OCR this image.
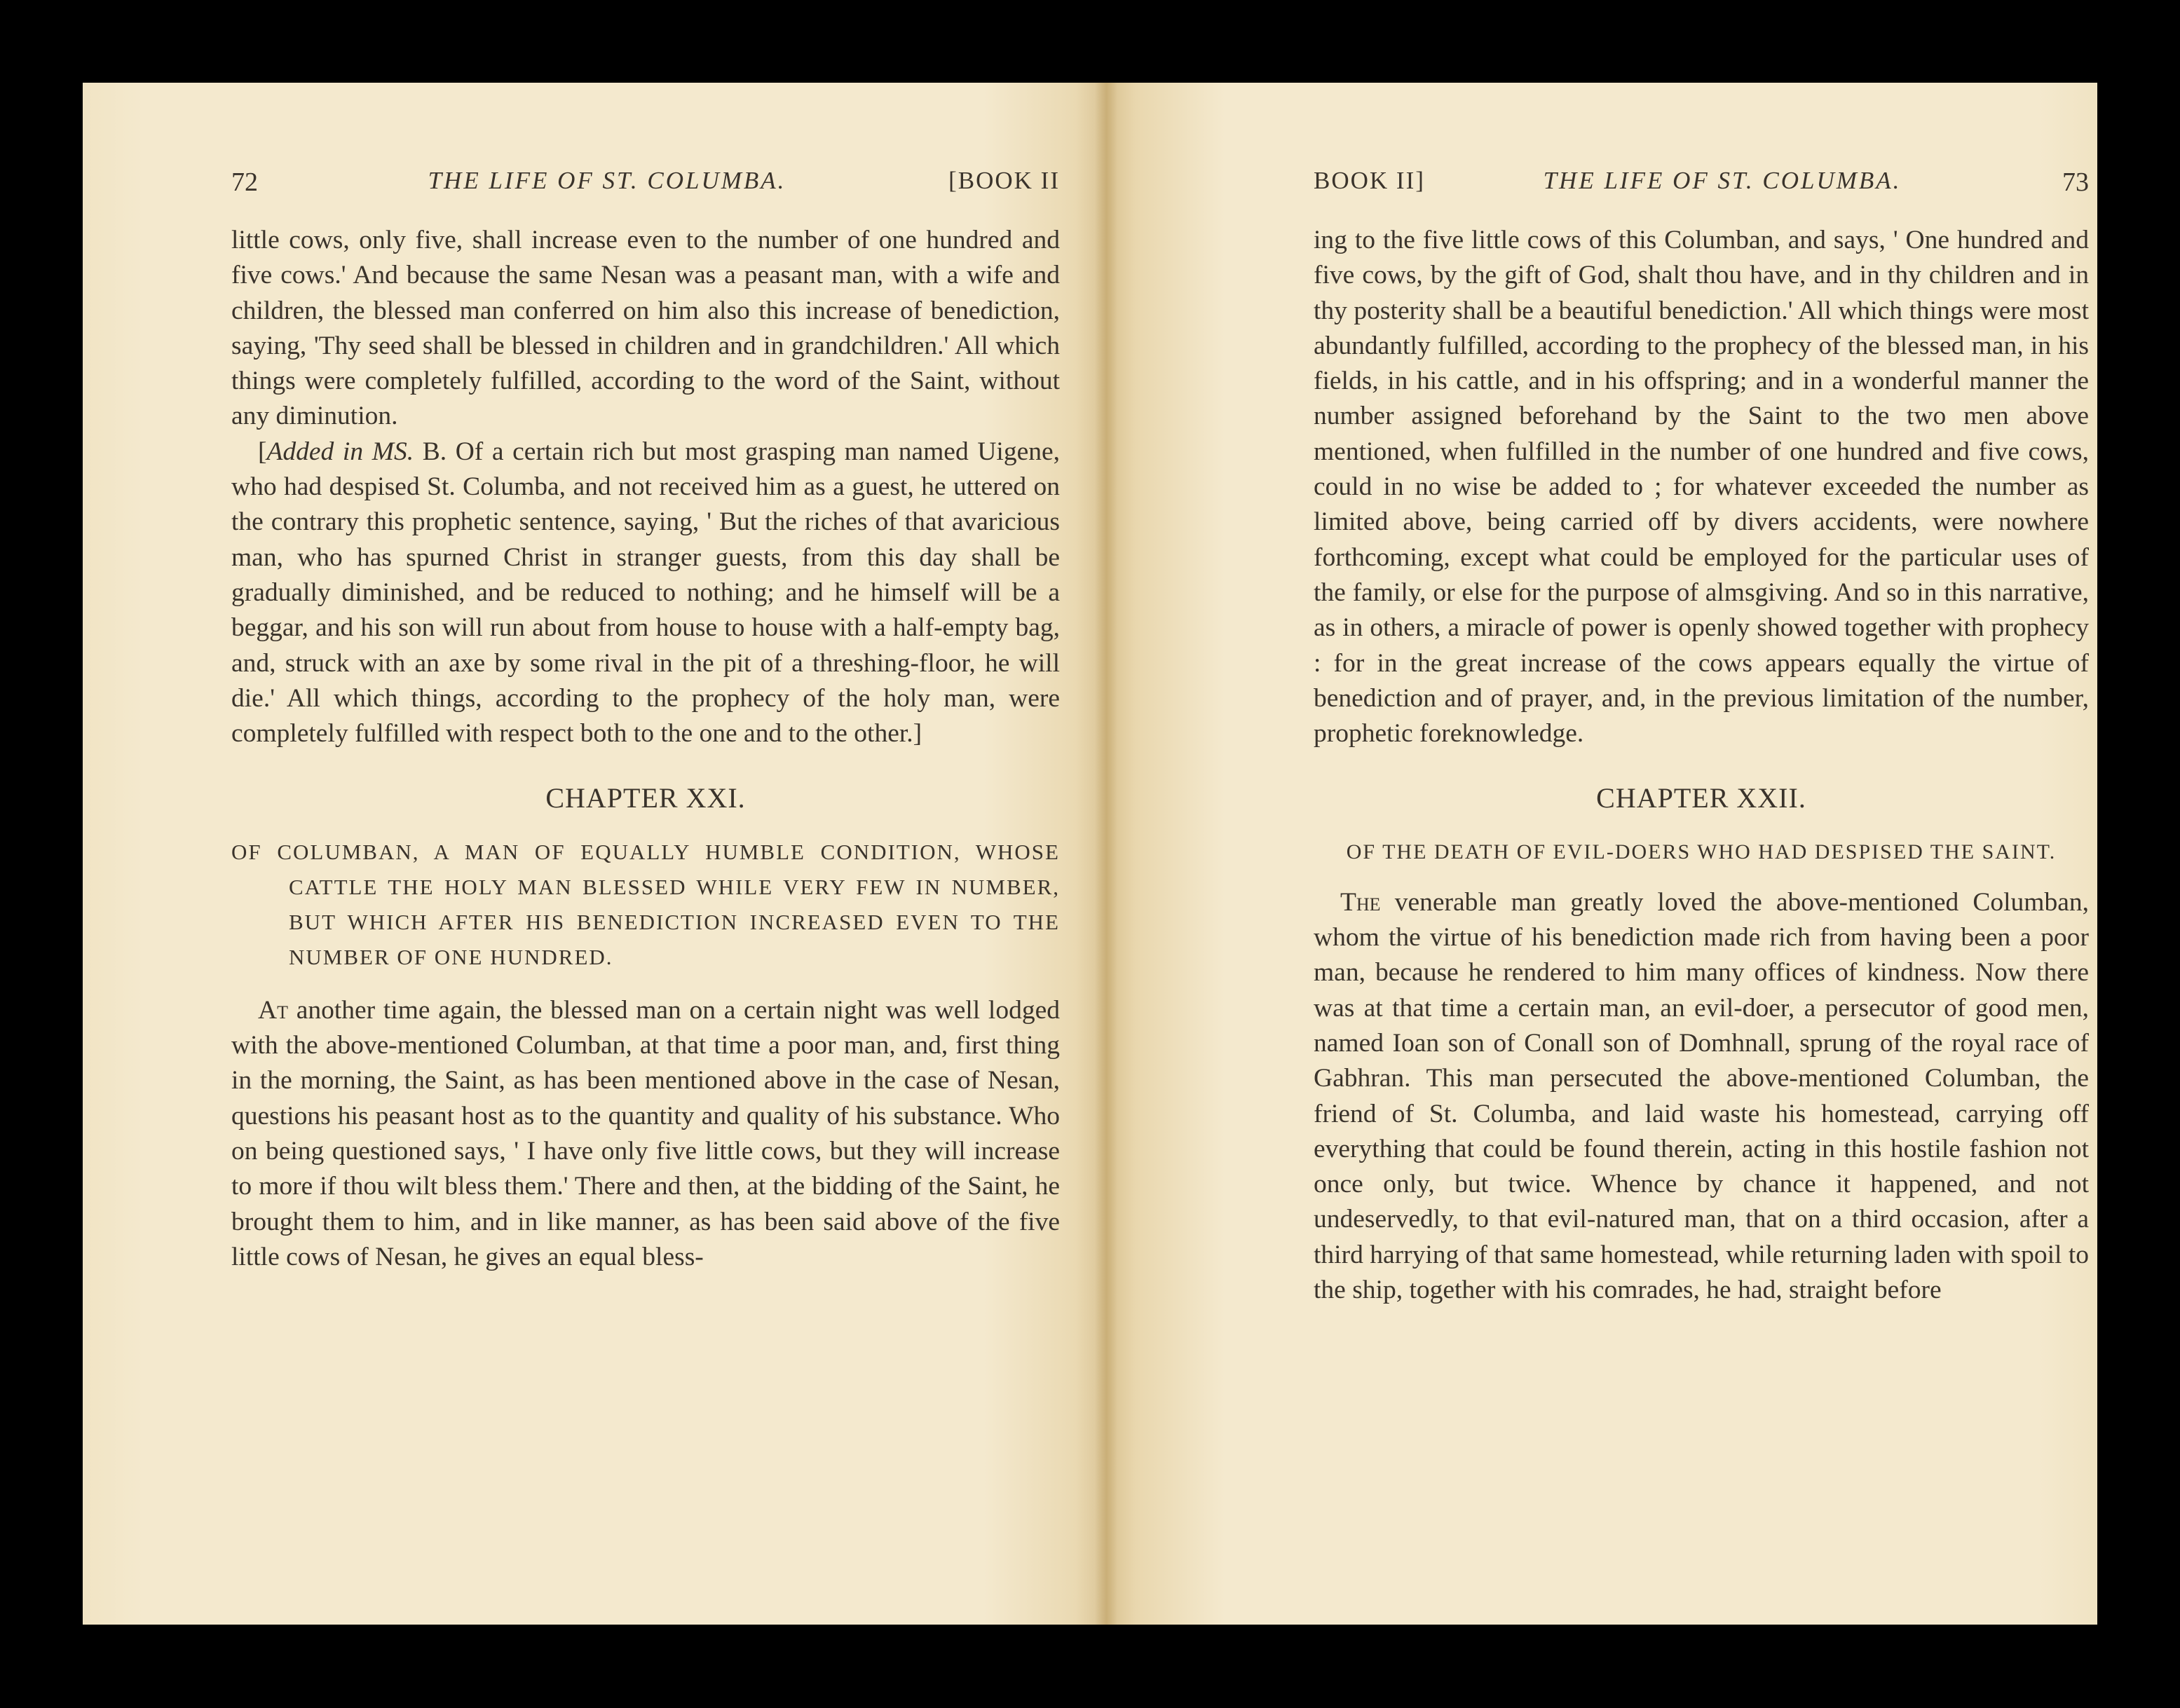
72	THE LIFE OF ST. COLUMBA.	[BOOK II

little cows, only five, shall increase even to the number of one hundred and five cows.' And because the same Nesan was a peasant man, with a wife and children, the blessed man conferred on him also this increase of benediction, saying, 'Thy seed shall be blessed in children and in grandchildren.' All which things were completely fulfilled, according to the word of the Saint, without any diminution.

[Added in MS. B. Of a certain rich but most grasping man named Uigene, who had despised St. Columba, and not received him as a guest, he uttered on the contrary this prophetic sentence, saying, ' But the riches of that avaricious man, who has spurned Christ in stranger guests, from this day shall be gradually diminished, and be reduced to nothing; and he himself will be a beggar, and his son will run about from house to house with a half-empty bag, and, struck with an axe by some rival in the pit of a threshing-floor, he will die.' All which things, according to the prophecy of the holy man, were completely fulfilled with respect both to the one and to the other.]

CHAPTER XXI.
OF COLUMBAN, A MAN OF EQUALLY HUMBLE CONDITION, WHOSE CATTLE THE HOLY MAN BLESSED WHILE VERY FEW IN NUMBER, BUT WHICH AFTER HIS BENEDICTION INCREASED EVEN TO THE NUMBER OF ONE HUNDRED.

At another time again, the blessed man on a certain night was well lodged with the above-mentioned Columban, at that time a poor man, and, first thing in the morning, the Saint, as has been mentioned above in the case of Nesan, questions his peasant host as to the quantity and quality of his substance. Who on being questioned says, ' I have only five little cows, but they will increase to more if thou wilt bless them.' There and then, at the bidding of the Saint, he brought them to him, and in like manner, as has been said above of the five little cows of Nesan, he gives an equal bless-

BOOK II]	THE LIFE OF ST. COLUMBA.	73

ing to the five little cows of this Columban, and says, ' One hundred and five cows, by the gift of God, shalt thou have, and in thy children and in thy posterity shall be a beautiful benediction.' All which things were most abundantly fulfilled, according to the prophecy of the blessed man, in his fields, in his cattle, and in his offspring; and in a wonderful manner the number assigned beforehand by the Saint to the two men above mentioned, when fulfilled in the number of one hundred and five cows, could in no wise be added to ; for whatever exceeded the number as limited above, being carried off by divers accidents, were nowhere forthcoming, except what could be employed for the particular uses of the family, or else for the purpose of almsgiving. And so in this narrative, as in others, a miracle of power is openly showed together with prophecy : for in the great increase of the cows appears equally the virtue of benediction and of prayer, and, in the previous limitation of the number, prophetic foreknowledge.

CHAPTER XXII.
OF THE DEATH OF EVIL-DOERS WHO HAD DESPISED THE SAINT.

The venerable man greatly loved the above-mentioned Columban, whom the virtue of his benediction made rich from having been a poor man, because he rendered to him many offices of kindness. Now there was at that time a certain man, an evil-doer, a persecutor of good men, named Ioan son of Conall son of Domhnall, sprung of the royal race of Gabhran. This man persecuted the above-mentioned Columban, the friend of St. Columba, and laid waste his homestead, carrying off everything that could be found therein, acting in this hostile fashion not once only, but twice. Whence by chance it happened, and not undeservedly, to that evil-natured man, that on a third occasion, after a third harrying of that same homestead, while returning laden with spoil to the ship, together with his comrades, he had, straight before
